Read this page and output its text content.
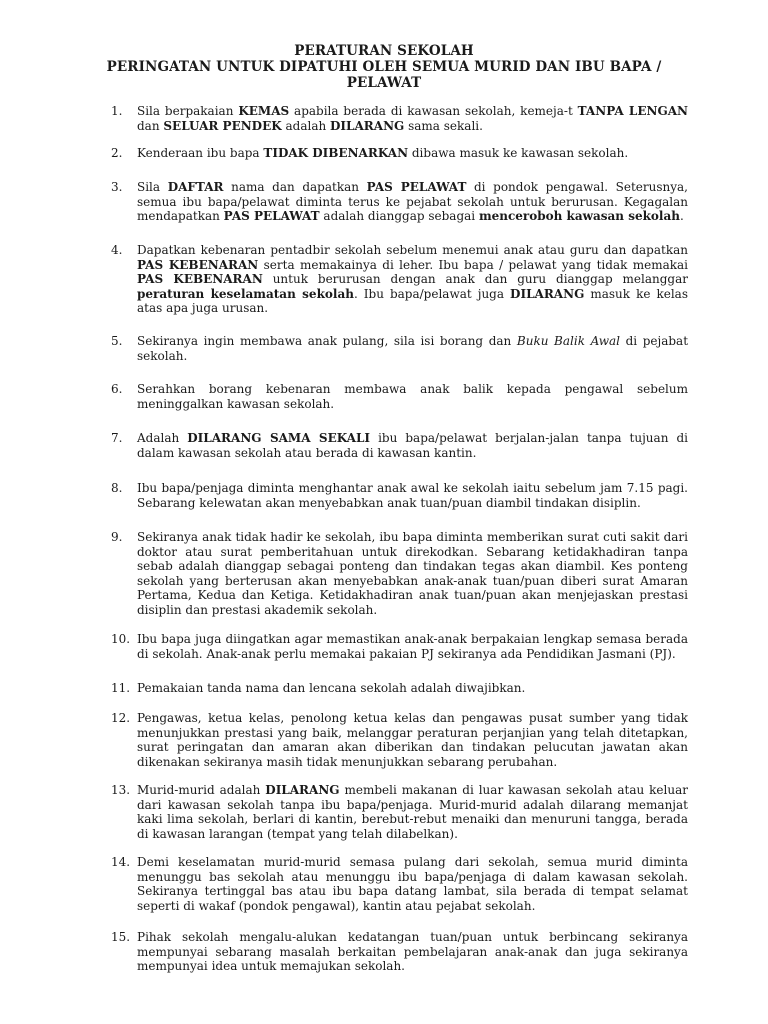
PERATURAN SEKOLAH
PERINGATAN UNTUK DIPATUHI OLEH SEMUA MURID DAN IBU BAPA /
PELAWAT
1. Sila berpakaian KEMAS apabila berada di kawasan sekolah, kemeja-t TANPA LENGAN dan SELUAR PENDEK adalah DILARANG sama sekali.
2. Kenderaan ibu bapa TIDAK DIBENARKAN dibawa masuk ke kawasan sekolah.
3. Sila DAFTAR nama dan dapatkan PAS PELAWAT di pondok pengawal. Seterusnya, semua ibu bapa/pelawat diminta terus ke pejabat sekolah untuk berurusan. Kegagalan mendapatkan PAS PELAWAT adalah dianggap sebagai menceroboh kawasan sekolah.
4. Dapatkan kebenaran pentadbir sekolah sebelum menemui anak atau guru dan dapatkan PAS KEBENARAN serta memakainya di leher. Ibu bapa / pelawat yang tidak memakai PAS KEBENARAN untuk berurusan dengan anak dan guru dianggap melanggar peraturan keselamatan sekolah. Ibu bapa/pelawat juga DILARANG masuk ke kelas atas apa juga urusan.
5. Sekiranya ingin membawa anak pulang, sila isi borang dan Buku Balik Awal di pejabat sekolah.
6. Serahkan borang kebenaran membawa anak balik kepada pengawal sebelum meninggalkan kawasan sekolah.
7. Adalah DILARANG SAMA SEKALI ibu bapa/pelawat berjalan-jalan tanpa tujuan di dalam kawasan sekolah atau berada di kawasan kantin.
8. Ibu bapa/penjaga diminta menghantar anak awal ke sekolah iaitu sebelum jam 7.15 pagi. Sebarang kelewatan akan menyebabkan anak tuan/puan diambil tindakan disiplin.
9. Sekiranya anak tidak hadir ke sekolah, ibu bapa diminta memberikan surat cuti sakit dari doktor atau surat pemberitahuan untuk direkodkan. Sebarang ketidakhadiran tanpa sebab adalah dianggap sebagai ponteng dan tindakan tegas akan diambil. Kes ponteng sekolah yang berterusan akan menyebabkan anak-anak tuan/puan diberi surat Amaran Pertama, Kedua dan Ketiga. Ketidakhadiran anak tuan/puan akan menjejaskan prestasi disiplin dan prestasi akademik sekolah.
10. Ibu bapa juga diingatkan agar memastikan anak-anak berpakaian lengkap semasa berada di sekolah. Anak-anak perlu memakai pakaian PJ sekiranya ada Pendidikan Jasmani (PJ).
11. Pemakaian tanda nama dan lencana sekolah adalah diwajibkan.
12. Pengawas, ketua kelas, penolong ketua kelas dan pengawas pusat sumber yang tidak menunjukkan prestasi yang baik, melanggar peraturan perjanjian yang telah ditetapkan, surat peringatan dan amaran akan diberikan dan tindakan pelucutan jawatan akan dikenakan sekiranya masih tidak menunjukkan sebarang perubahan.
13. Murid-murid adalah DILARANG membeli makanan di luar kawasan sekolah atau keluar dari kawasan sekolah tanpa ibu bapa/penjaga. Murid-murid adalah dilarang memanjat kaki lima sekolah, berlari di kantin, berebut-rebut menaiki dan menuruni tangga, berada di kawasan larangan (tempat yang telah dilabelkan).
14. Demi keselamatan murid-murid semasa pulang dari sekolah, semua murid diminta menunggu bas sekolah atau menunggu ibu bapa/penjaga di dalam kawasan sekolah. Sekiranya tertinggal bas atau ibu bapa datang lambat, sila berada di tempat selamat seperti di wakaf (pondok pengawal), kantin atau pejabat sekolah.
15. Pihak sekolah mengalu-alukan kedatangan tuan/puan untuk berbincang sekiranya mempunyai sebarang masalah berkaitan pembelajaran anak-anak dan juga sekiranya mempunyai idea untuk memajukan sekolah.
